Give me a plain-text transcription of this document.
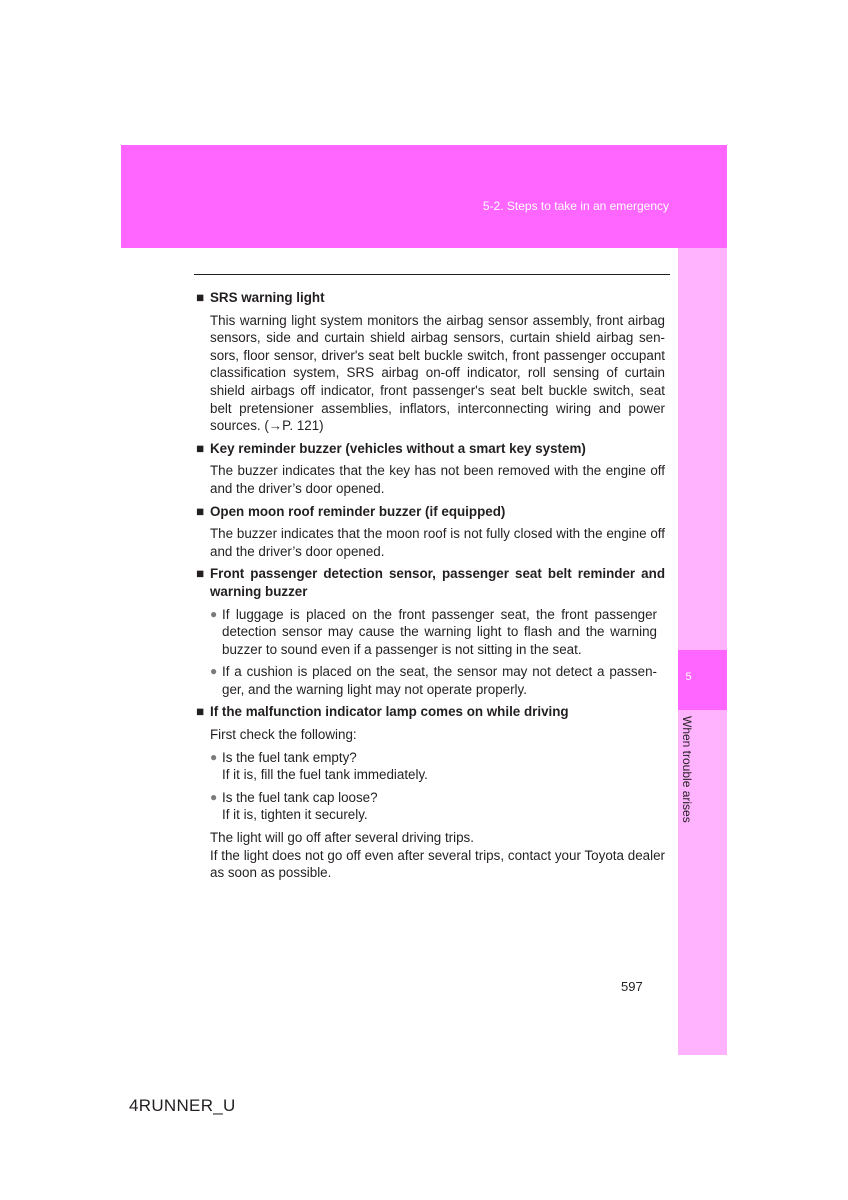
5-2. Steps to take in an emergency
5
When trouble arises
■ SRS warning light
This warning light system monitors the airbag sensor assembly, front airbag sensors, side and curtain shield airbag sensors, curtain shield airbag sen-sors, floor sensor, driver's seat belt buckle switch, front passenger occupant classification system, SRS airbag on-off indicator, roll sensing of curtain shield airbags off indicator, front passenger's seat belt buckle switch, seat belt pretensioner assemblies, inflators, interconnecting wiring and power sources. (→P. 121)
■ Key reminder buzzer (vehicles without a smart key system)
The buzzer indicates that the key has not been removed with the engine off and the driver’s door opened.
■ Open moon roof reminder buzzer (if equipped)
The buzzer indicates that the moon roof is not fully closed with the engine off and the driver’s door opened.
■ Front passenger detection sensor, passenger seat belt reminder and warning buzzer
● If luggage is placed on the front passenger seat, the front passenger detection sensor may cause the warning light to flash and the warning buzzer to sound even if a passenger is not sitting in the seat.
● If a cushion is placed on the seat, the sensor may not detect a passen-ger, and the warning light may not operate properly.
■ If the malfunction indicator lamp comes on while driving
First check the following:
● Is the fuel tank empty?
If it is, fill the fuel tank immediately.
● Is the fuel tank cap loose?
If it is, tighten it securely.
The light will go off after several driving trips.
If the light does not go off even after several trips, contact your Toyota dealer as soon as possible.
597
4RUNNER_U
